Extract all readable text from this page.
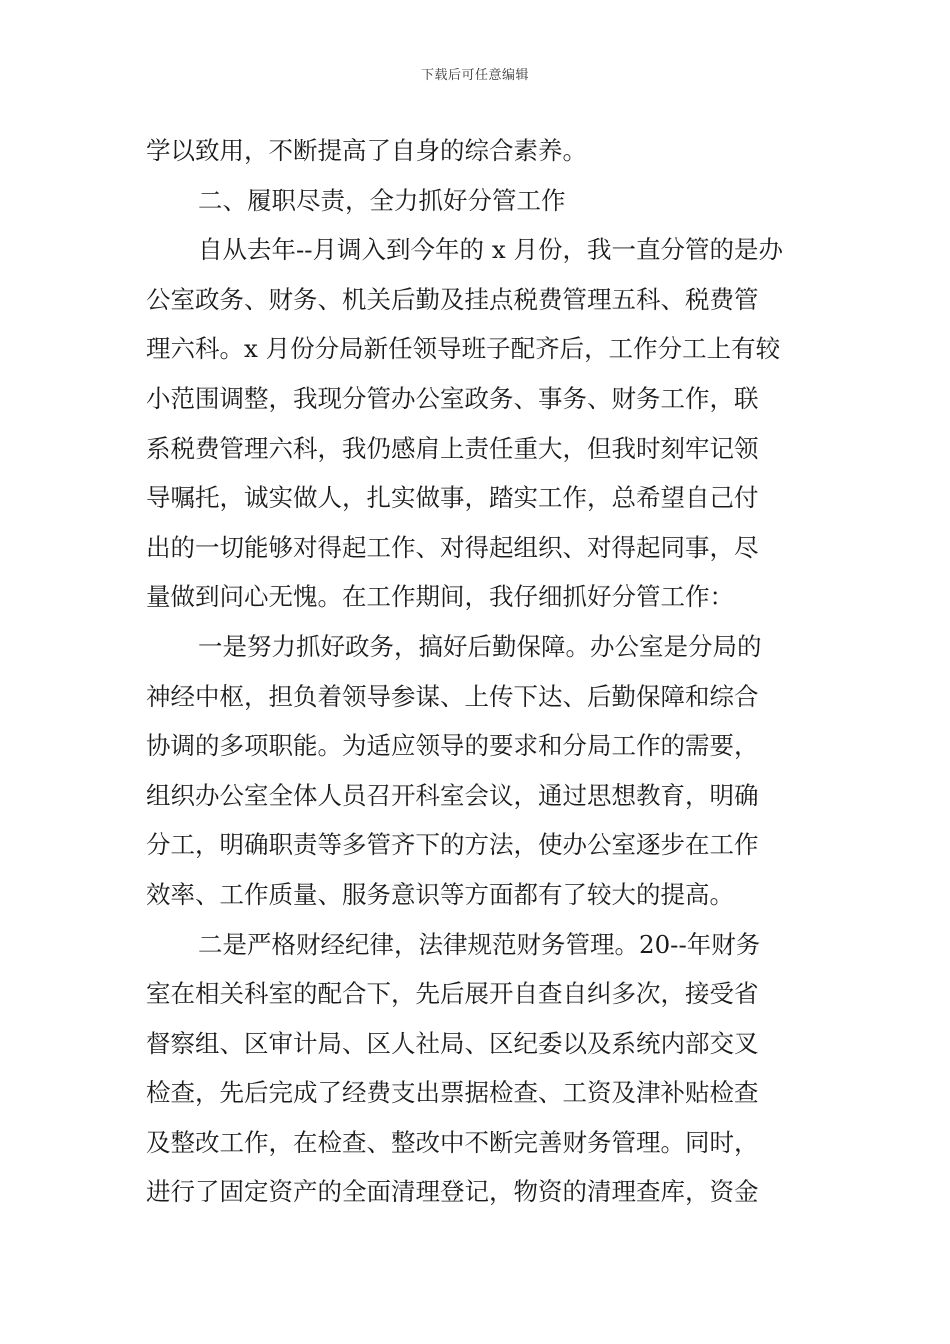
下载后可任意编辑
学以致用，不断提高了自身的综合素养。
二、履职尽责，全力抓好分管工作
自从去年--月调入到今年的 x 月份，我一直分管的是办
公室政务、财务、机关后勤及挂点税费管理五科、税费管
理六科。x 月份分局新任领导班子配齐后，工作分工上有较
小范围调整，我现分管办公室政务、事务、财务工作，联
系税费管理六科，我仍感肩上责任重大，但我时刻牢记领
导嘱托，诚实做人，扎实做事，踏实工作，总希望自己付
出的一切能够对得起工作、对得起组织、对得起同事，尽
量做到问心无愧。在工作期间，我仔细抓好分管工作：
一是努力抓好政务，搞好后勤保障。办公室是分局的
神经中枢，担负着领导参谋、上传下达、后勤保障和综合
协调的多项职能。为适应领导的要求和分局工作的需要，
组织办公室全体人员召开科室会议，通过思想教育，明确
分工，明确职责等多管齐下的方法，使办公室逐步在工作
效率、工作质量、服务意识等方面都有了较大的提高。
二是严格财经纪律，法律规范财务管理。20--年财务
室在相关科室的配合下，先后展开自查自纠多次，接受省
督察组、区审计局、区人社局、区纪委以及系统内部交叉
检查，先后完成了经费支出票据检查、工资及津补贴检查
及整改工作，在检查、整改中不断完善财务管理。同时，
进行了固定资产的全面清理登记，物资的清理查库，资金
